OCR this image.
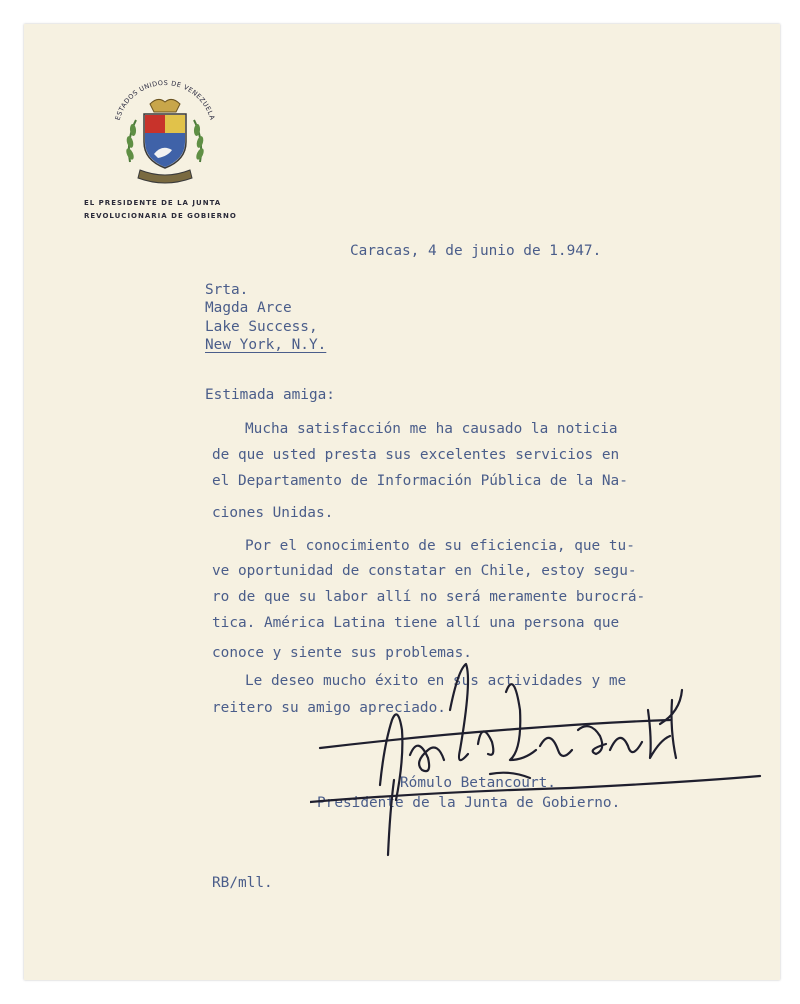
ESTADOS UNIDOS DE VENEZUELA
EL PRESIDENTE DE LA JUNTA
REVOLUCIONARIA DE GOBIERNO
Caracas, 4 de junio de 1.947.
Srta.
Magda Arce
Lake Success,
New York, N.Y.
Estimada amiga:
Mucha satisfacción me ha causado la noticia
de que usted presta sus excelentes servicios en
el Departamento de Información Pública de la Na-
ciones Unidas.
Por el conocimiento de su eficiencia, que tu-
ve oportunidad de constatar en Chile, estoy segu-
ro de que su labor allí no será meramente burocrá-
tica. América Latina tiene allí una persona que
conoce y siente sus problemas.
Le deseo mucho éxito en sus actividades y me
reitero su amigo apreciado.
Rómulo Betancourt.
Presidente de la Junta de Gobierno.
RB/mll.
